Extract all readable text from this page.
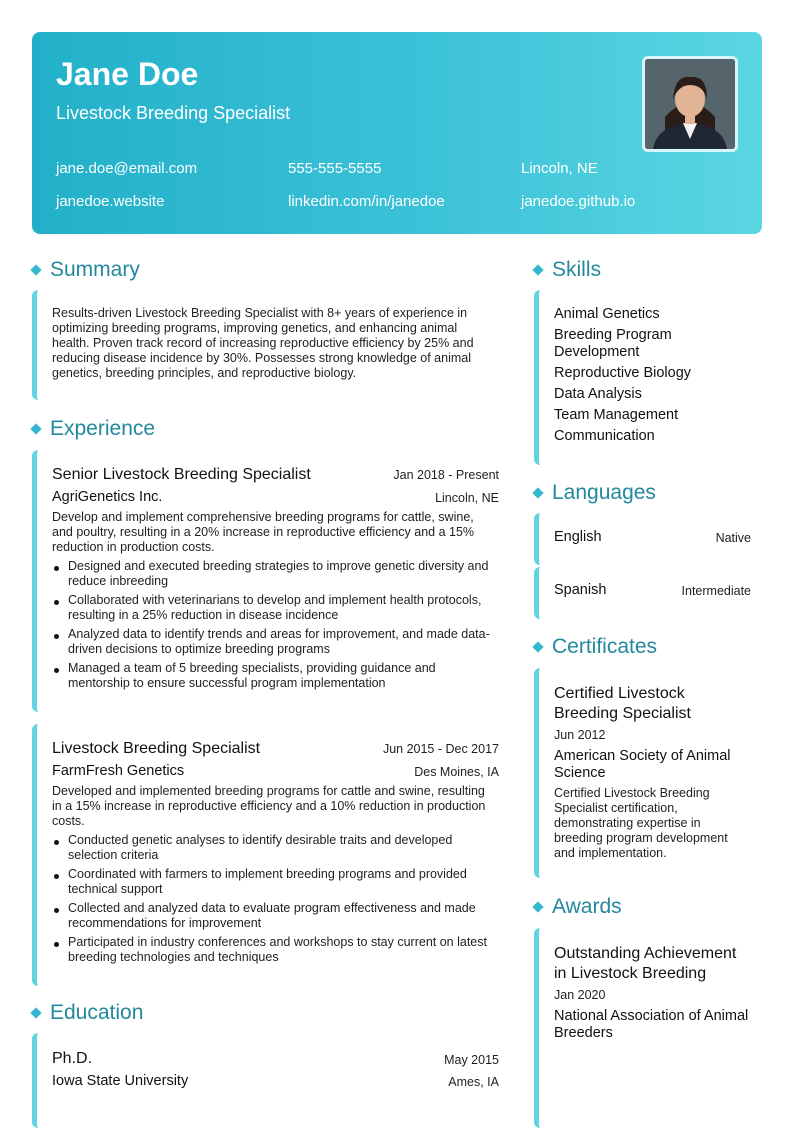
Jane Doe
Livestock Breeding Specialist
jane.doe@email.com	555-555-5555	Lincoln, NE
janedoe.website	linkedin.com/in/janedoe	janedoe.github.io
Summary
Results-driven Livestock Breeding Specialist with 8+ years of experience in optimizing breeding programs, improving genetics, and enhancing animal health. Proven track record of increasing reproductive efficiency by 25% and reducing disease incidence by 30%. Possesses strong knowledge of animal genetics, breeding principles, and reproductive biology.
Experience
Senior Livestock Breeding Specialist	Jan 2018 - Present
AgriGenetics Inc.	Lincoln, NE
Develop and implement comprehensive breeding programs for cattle, swine, and poultry, resulting in a 20% increase in reproductive efficiency and a 15% reduction in production costs.
Designed and executed breeding strategies to improve genetic diversity and reduce inbreeding
Collaborated with veterinarians to develop and implement health protocols, resulting in a 25% reduction in disease incidence
Analyzed data to identify trends and areas for improvement, and made data-driven decisions to optimize breeding programs
Managed a team of 5 breeding specialists, providing guidance and mentorship to ensure successful program implementation
Livestock Breeding Specialist	Jun 2015 - Dec 2017
FarmFresh Genetics	Des Moines, IA
Developed and implemented breeding programs for cattle and swine, resulting in a 15% increase in reproductive efficiency and a 10% reduction in production costs.
Conducted genetic analyses to identify desirable traits and developed selection criteria
Coordinated with farmers to implement breeding programs and provided technical support
Collected and analyzed data to evaluate program effectiveness and made recommendations for improvement
Participated in industry conferences and workshops to stay current on latest breeding technologies and techniques
Education
Ph.D.	May 2015
Iowa State University	Ames, IA
Skills
Animal Genetics
Breeding Program Development
Reproductive Biology
Data Analysis
Team Management
Communication
Languages
English	Native
Spanish	Intermediate
Certificates
Certified Livestock Breeding Specialist
Jun 2012
American Society of Animal Science
Certified Livestock Breeding Specialist certification, demonstrating expertise in breeding program development and implementation.
Awards
Outstanding Achievement in Livestock Breeding
Jan 2020
National Association of Animal Breeders
